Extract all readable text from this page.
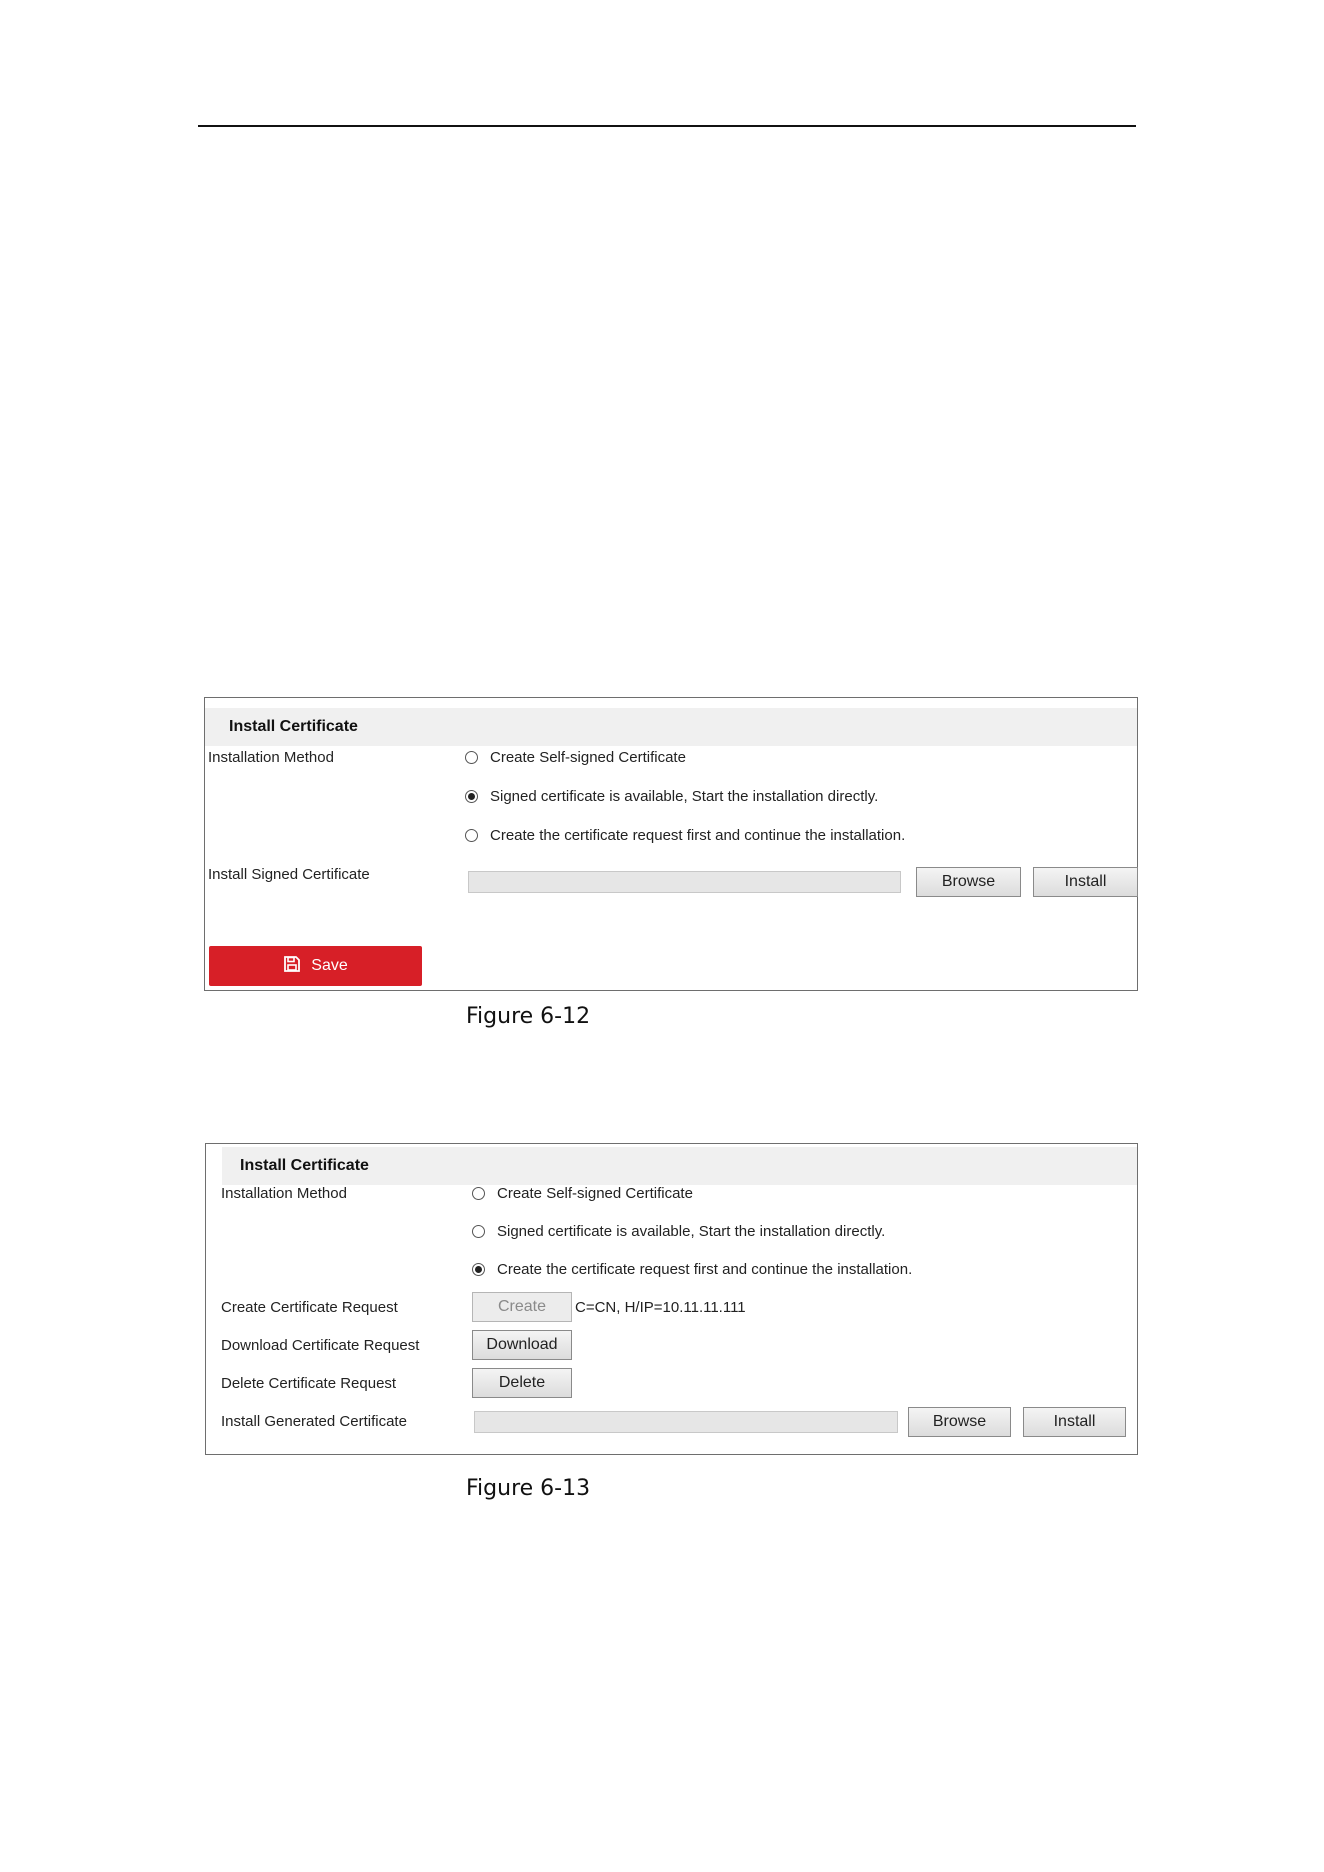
Install Certificate
Installation Method	Create Self-signed Certificate
Signed certificate is available, Start the installation directly.
Create the certificate request first and continue the installation.
Install Signed Certificate	Browse	Install
Save
Figure 6-12
Install Certificate
Installation Method	Create Self-signed Certificate
Signed certificate is available, Start the installation directly.
Create the certificate request first and continue the installation.
Create Certificate Request	Create	C=CN, H/IP=10.11.11.111
Download Certificate Request	Download
Delete Certificate Request	Delete
Install Generated Certificate	Browse	Install
Figure 6-13
